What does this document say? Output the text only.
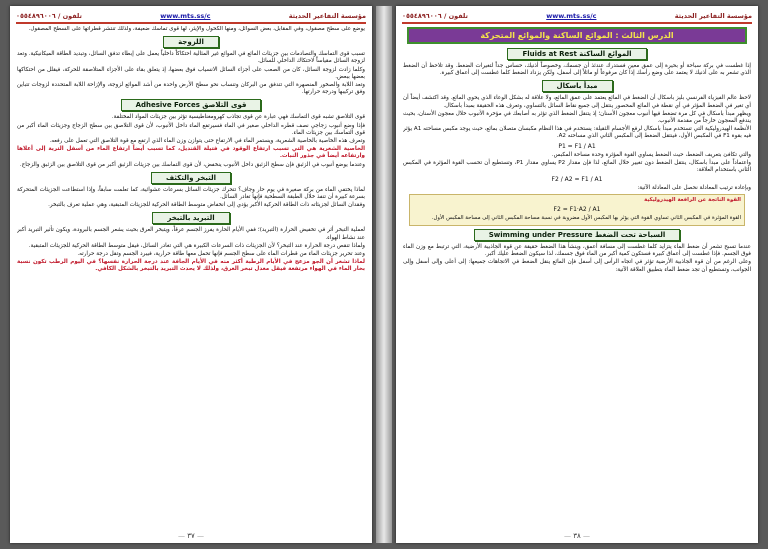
تلفون / ٠٥٥٤٨٩٦٠٠٦	www.mts.ss/c	مؤسسة التفاعير الحديثة

يوضع على سطح مصقول، وفي المقابل، بعض السوائل، ومنها الكحول والإيثر، لها قوى تماسك ضعيفة، ولذلك تنتشر قطراتها على السطح المصقول.

اللزوجة

تسبب قوى التماسك والتصادمات بين جزيئات المائع في الموائع غير المثالية احتكاكاً داخلياً يعمل على إبطاء تدفق السائل، وتبديد الطاقة الميكانيكية. وتعد لزوجة السائل مقياساً لاحتكاك الداخلي للسائل.

وكلما زادت لزوجة السائل، كان من الصعب على أجزاء السائل الانسياب فوق بعضها، إذ يتعلق بقاء على الأجزاء المتلاصقة للحركة، فيقلل من احتكاكها بعضها ببعض.

وتعد اللابة والصخور المنصهرة التي تتدفق من البركان وتنساب نحو سطح الأرض واحدة من أشد الموائع لزوجة، والإزاحة اللابة المتحددة لزوجات تتباين وفق تركيبها ودرجة حرارتها.

قوى التلاصق Adhesive Forces

قوى التلاصق تشبه قوى التماسك فهي عبارة عن قوى تجاذب كهرومغناطيسية تؤثر بين جزيئات المواد المختلفة.

فإذا وضع أنبوب زجاجي نصف قطره الداخلي صغير في الماء فسيرتفع الماء داخل الأنبوب، لأن قوى التلاصق بين سطح الزجاج وجزيئات الماء أكبر من قوى التماسك بين جزيئات الماء.

وتعرف هذه الخاصية بالخاصية الشعرية، ويستمر الماء في الارتفاع حتى يتوازن وزن الماء الذي ارتفع مع قوة التلاصق التي تعمل على رفعه.

الخاصية الشعرية هي التي تسبب ارتفاع الوقود في فتيلة القنديل، كما تسبب أيضاً ارتفاع الماء من أسفل التربة إلى أعلاها وارتفاعه أيضاً في جذور النبات.

وعندما يوضع أنبوب في الزئبق فإن سطح الزئبق داخل الأنبوب ينخفض، لأن قوى التماسك بين جزيئات الزئبق أكبر من قوى التلاصق بين الزئبق والزجاج.

التبخر والتكثف

لماذا يختفي الماء من بركة صغيرة في يوم حار وجاف؟ تتحرك جزيئات السائل بسرعات عشوائية، كما تعلمت سابقاً، وإذا استطاعت الجزيئات المتحركة بسرعة كبيرة أن تنفذ خلال الطبقة السطحية فإنها تغادر السائل.

وفقدان السائل لجزيئاته ذات الطاقة الحركية الأكبر يؤدي إلى انخفاض متوسط الطاقة الحركية للجزيئات المتبقية، وهي عملية تعرف بالتبخر.

التبريد بالتبخر

لعملية التبخر أثر في تخفيض الحرارة (التبريد)؛ ففي الأيام الحارة يفرز الجسم عرقاً، ويتبخر العرق بحيث يشعر الجسم بالبرودة، ويكون تأثير التبريد أكبر عند نشاط الهواء.

ولماذا تنقص درجة الحرارة عند التبخر؟ لأن الجزيئات ذات السرعات الكبيرة هي التي تغادر السائل، فيقل متوسط الطاقة الحركية للجزيئات المتبقية.

وعند تحرير جزيئات الماء من قطرات الماء على سطح الجسم فإنها تحمل معها طاقة حرارية، فيبرد الجسم وتقل درجة حرارته.

لماذا تشعر أن الجو مزعج في الأيام الرطبة أكثر منه في الأيام الجافة عند درجة الحرارة نفسها؟ في اليوم الرطب تكون نسبة بخار الماء في الهواء مرتفعة فيقل معدل تبخر العرق، ولذلك لا يحدث التبريد بالتبخر بالشكل الكافي.

— ٣٧ —
تلفون / ٠٥٥٤٨٩٦٠٠٦	www.mts.ss/c	مؤسسة التفاعير الحديثة
الدرس الثالث : الموائع الساكنة والموائع المتحركة
الموائع الساكنة Fluids at Rest

إذا غطست في بركة سباحة أو بحيرة إلى عمق معين فستدرك عندئذ أن جسمك، وخصوصاً أذنيك، حساس جداً لتغيرات الضغط. وقد تلاحظ أن الضغط الذي تشعر به على أذنيك لا يعتمد على وضع رأسك إذا كان مرفوعاً أو مائلاً إلى أسفل، ولكن يزداد الضغط كلما غطست إلى أعماق كبيرة.

مبدأ باسكال

لاحظ عالم الفيزياء الفرنسي بليز باسكال أن الضغط في المائع يعتمد على عمق المائع، ولا علاقة له بشكل الوعاء الذي يحوي المائع. وقد اكتشف أيضاً أن أي تغير في الضغط المؤثر في أي نقطة في المائع المحصور ينتقل إلى جميع نقاط السائل بالتساوي، وتعرف هذه الحقيقة بمبدأ باسكال.

ويظهر مبدأ باسكال في كل مرة تضغط فيها أنبوب معجون الأسنان؛ إذ يتنقل الضغط الذي تؤثر به أصابعك في مؤخرة الأنبوب خلال معجون الأسنان، بحيث يندفع المعجون خارجاً من مقدمة الأنبوب.

الأنظمة الهيدروليكية التي تستخدم مبدأ باسكال لرفع الأجسام الثقيلة: يستخدم في هذا النظام مكبسان متصلان بمائع، حيث يوجد مكبس مساحته A1 يؤثر فيه بقوة F1 في المكبس الأول، فينتقل الضغط إلى المكبس الثاني الذي مساحته A2.

P1 = F1 / A1

والتي تكافئ بتعريف الضغط، حيث الضغط يساوي القوة المؤثرة وحدة مساحة المكبس.

واعتماداً على مبدأ باسكال، ينتقل الضغط دون تغيير خلال المائع، لذا فإن مقدار P2 يساوي مقدار P1، وتستطيع أن تحسب القوة المؤثرة في المكبس الثاني باستخدام العلاقة:

F2 / A2 = F1 / A1

وبإعادة ترتيب المعادلة نحصل على المعادلة الآتية:

القوة الناتجة عن الرافعة الهيدروليكية

F2 = F1·A2 / A1

القوة المؤثرة في المكبس الثاني تساوي القوة التي يؤثر بها المكبس الأول مضروبة في نسبة مساحة المكبس الثاني إلى مساحة المكبس الأول.

السباحة تحت الضغط Swimming under Pressure

عندما تسبح تشعر أن ضغط الماء يتزايد كلما غطست إلى مسافة أعمق، وينشأ هذا الضغط حقيقة عن قوة الجاذبية الأرضية، التي ترتبط مع وزن الماء فوق الجسم. فإذا غطست إلى أعماق كبيرة فستكون كمية أكبر من الماء فوق جسمك، لذا سيكون الضغط عليك أكبر.

وعلى الرغم من أن قوة الجاذبية الأرضية تؤثر في اتجاه الرأس إلى أسفل فإن المائع ينقل الضغط في الاتجاهات جميعها: إلى أعلى وإلى أسفل وإلى الجوانب، وتستطيع أن تجد ضغط الماء بتطبيق العلاقة الآتية:

— ٣٨ —
